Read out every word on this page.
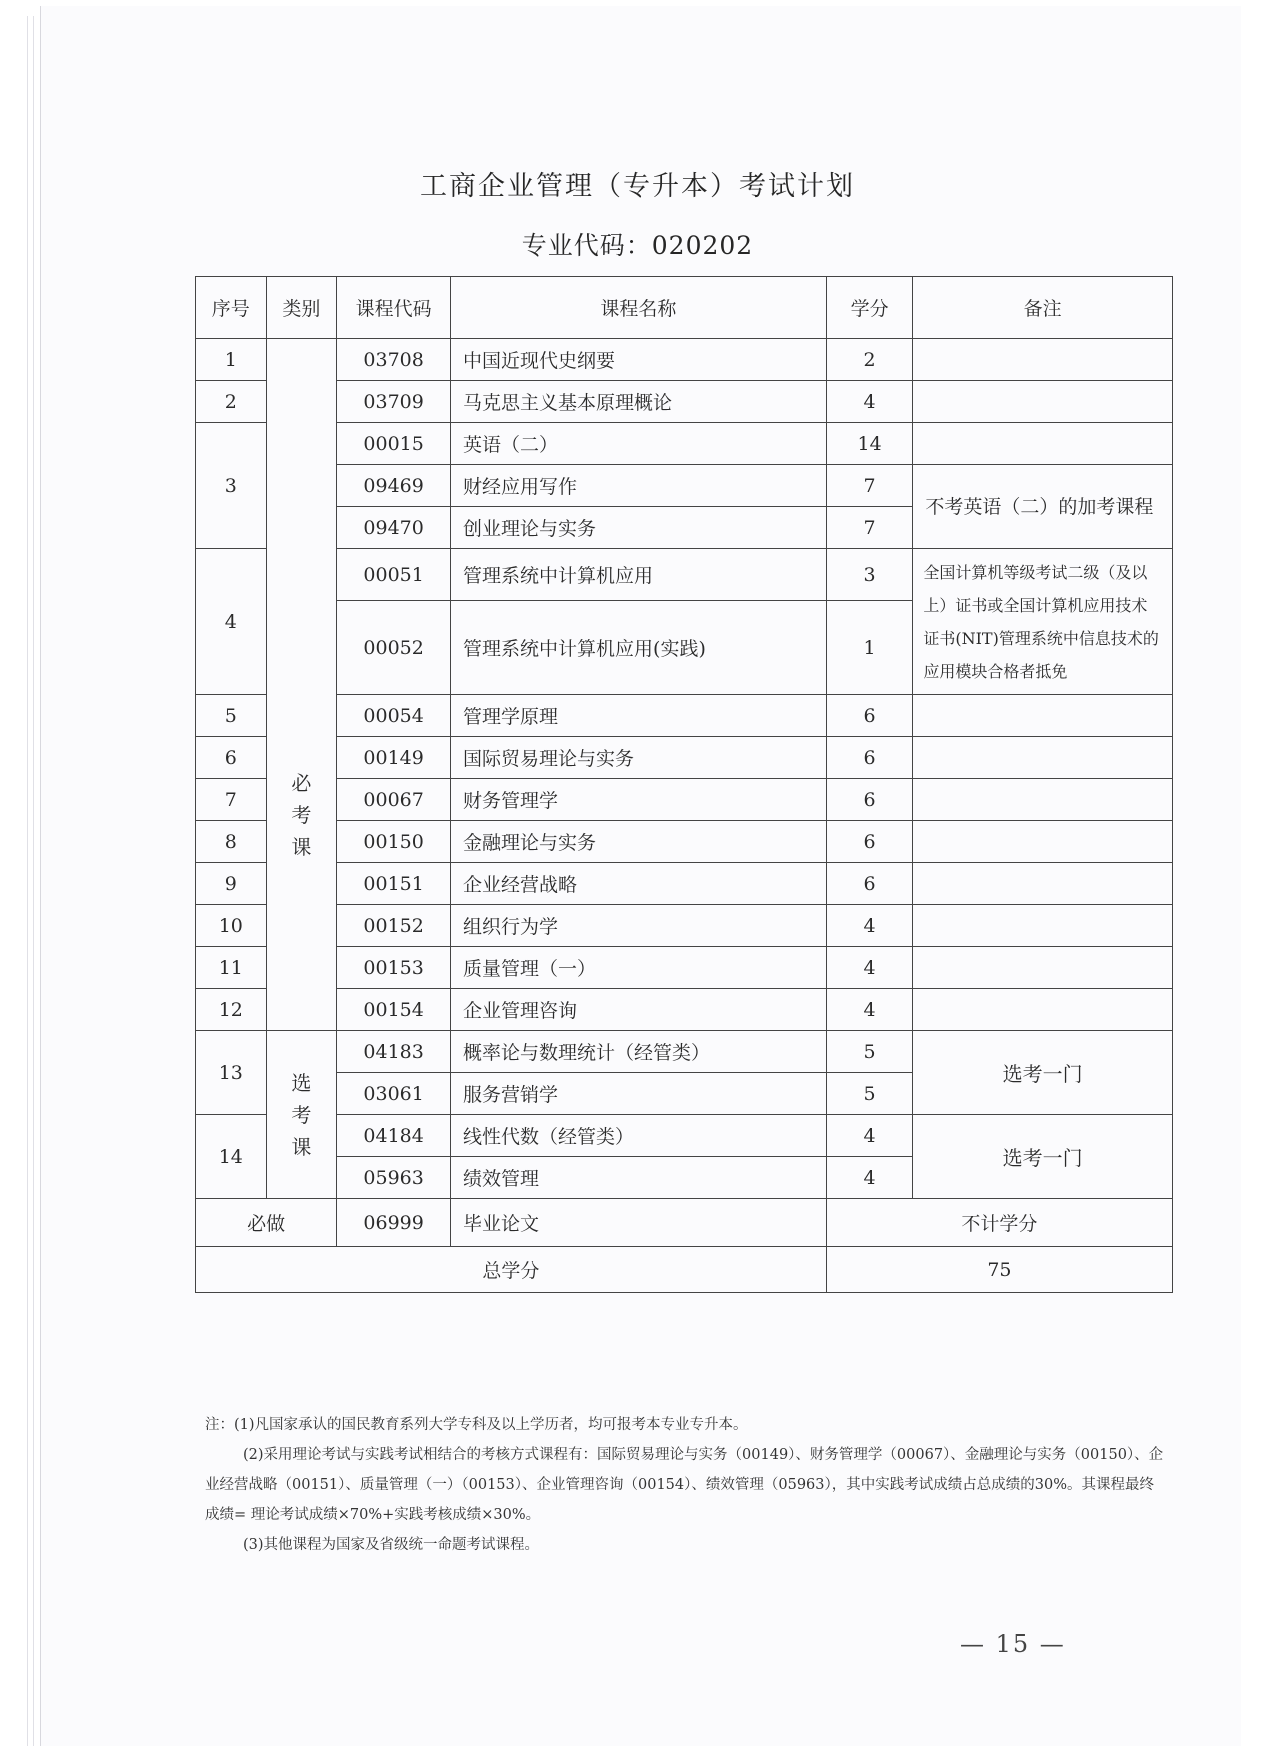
工商企业管理（专升本）考试计划
专业代码：020202
序号	类别	课程代码	课程名称	学分	备注
1	必考课	03708	中国近现代史纲要	2	
2		03709	马克思主义基本原理概论	4	
3		00015	英语（二）	14	
		09469	财经应用写作	7	不考英语（二）的加考课程
		09470	创业理论与实务	7	
4		00051	管理系统中计算机应用	3	全国计算机等级考试二级（及以上）证书或全国计算机应用技术证书(NIT)管理系统中信息技术的应用模块合格者抵免
		00052	管理系统中计算机应用(实践)	1	
5		00054	管理学原理	6	
6		00149	国际贸易理论与实务	6	
7		00067	财务管理学	6	
8		00150	金融理论与实务	6	
9		00151	企业经营战略	6	
10		00152	组织行为学	4	
11		00153	质量管理（一）	4	
12		00154	企业管理咨询	4	
13	选考课	04183	概率论与数理统计（经管类）	5	选考一门
		03061	服务营销学	5	
14		04184	线性代数（经管类）	4	选考一门
		05963	绩效管理	4	
必做		06999	毕业论文	不计学分	
总学分				75	

注：(1)凡国家承认的国民教育系列大学专科及以上学历者，均可报考本专业专升本。

(2)采用理论考试与实践考试相结合的考核方式课程有：国际贸易理论与实务（00149）、财务管理学（00067）、金融理论与实务（00150）、企业经营战略（00151）、质量管理（一）（00153）、企业管理咨询（00154）、绩效管理（05963），其中实践考试成绩占总成绩的30%。其课程最终成绩= 理论考试成绩×70%+实践考核成绩×30%。

(3)其他课程为国家及省级统一命题考试课程。

— 15 —
